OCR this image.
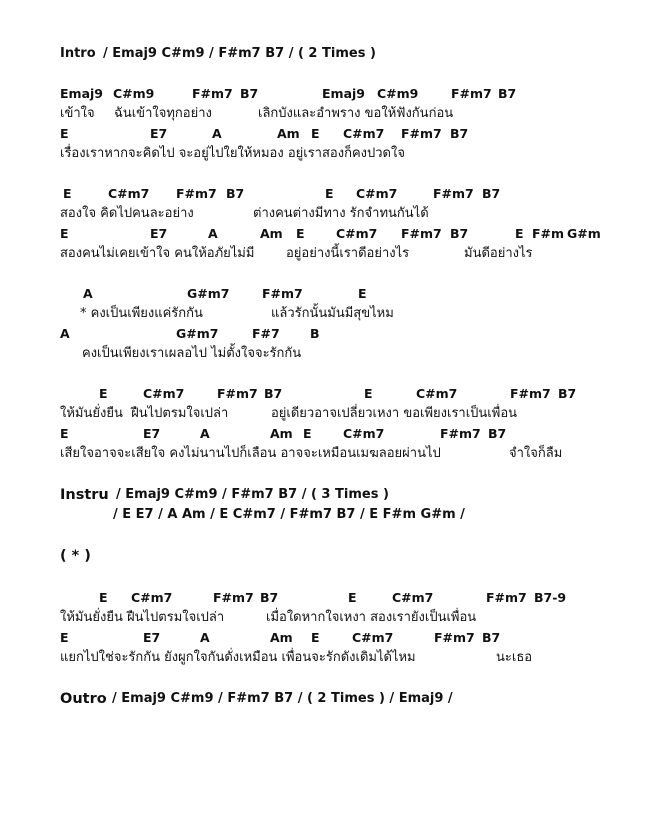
Intro

/ Emaj9 C#m9 / F#m7 B7 / ( 2 Times )

Emaj9

C#m9

	F#m7

B7

	Emaj9

C#m9

	F#m7

B7

เข้าใจ

ฉันเข้าใจทุกอย่าง

	เลิกบังและอำพราง ขอให้ฟังกันก่อน

E

	E7

	A

	Am

E

C#m7

F#m7

B7

เรื่องเราหากจะคิดไป จะอยู่ไปใยให้หมอง อยู่เราสองก็คงปวดใจ

E

	C#m7

F#m7

B7

	E

C#m7

	F#m7

B7

สองใจ คิดไปคนละอย่าง

	ต่างคนต่างมีทาง รักจำทนกันได้

E

	E7

	A

	Am

E

	C#m7

F#m7

B7

	E

F#m

G#m

สองคนไม่เคยเข้าใจ คนให้อภัยไม่มี

อยู่อย่างนี้เราดีอย่างไร

	มันดีอย่างไร

A

	G#m7

	F#m7

	E

* คงเป็นเพียงแค่รักกัน

	แล้วรักนั้นมันมีสุขไหม

A

	G#m7

	F#7

B

คงเป็นเพียงเราเผลอไป ไม่ตั้งใจจะรักกัน

E

	C#m7

	F#m7

B7

	E

	C#m7

	F#m7

B7

ให้มันยั่งยืน  ฝืนไปตรมใจเปล่า

	อยู่เดียวอาจเปลี่ยวเหงา ขอเพียงเราเป็นเพื่อน

E

	E7

	A

	Am

E

	C#m7

	F#m7

B7

เสียใจอาจจะเสียใจ คงไม่นานไปก็เลือน อาจจะเหมือนเมฆลอยผ่านไป

	จำใจก็ลืม

Instru

/ Emaj9 C#m9 / F#m7 B7 / ( 3 Times )

/ E E7 / A Am / E C#m7 / F#m7 B7 / E F#m G#m /

( * )

E

C#m7

	F#m7

B7

	E

	C#m7

	F#m7

B7-9

ให้มันยั่งยืน ฝืนไปตรมใจเปล่า

	เมื่อใดหากใจเหงา สองเรายังเป็นเพื่อน

E

	E7

	A

	Am

E

	C#m7

	F#m7

B7

แยกไปใช่จะรักกัน ยังผูกใจกันดั่งเหมือน เพื่อนจะรักดังเดิมได้ไหม

	นะเธอ

Outro

/ Emaj9 C#m9 / F#m7 B7 / ( 2 Times ) / Emaj9 /
